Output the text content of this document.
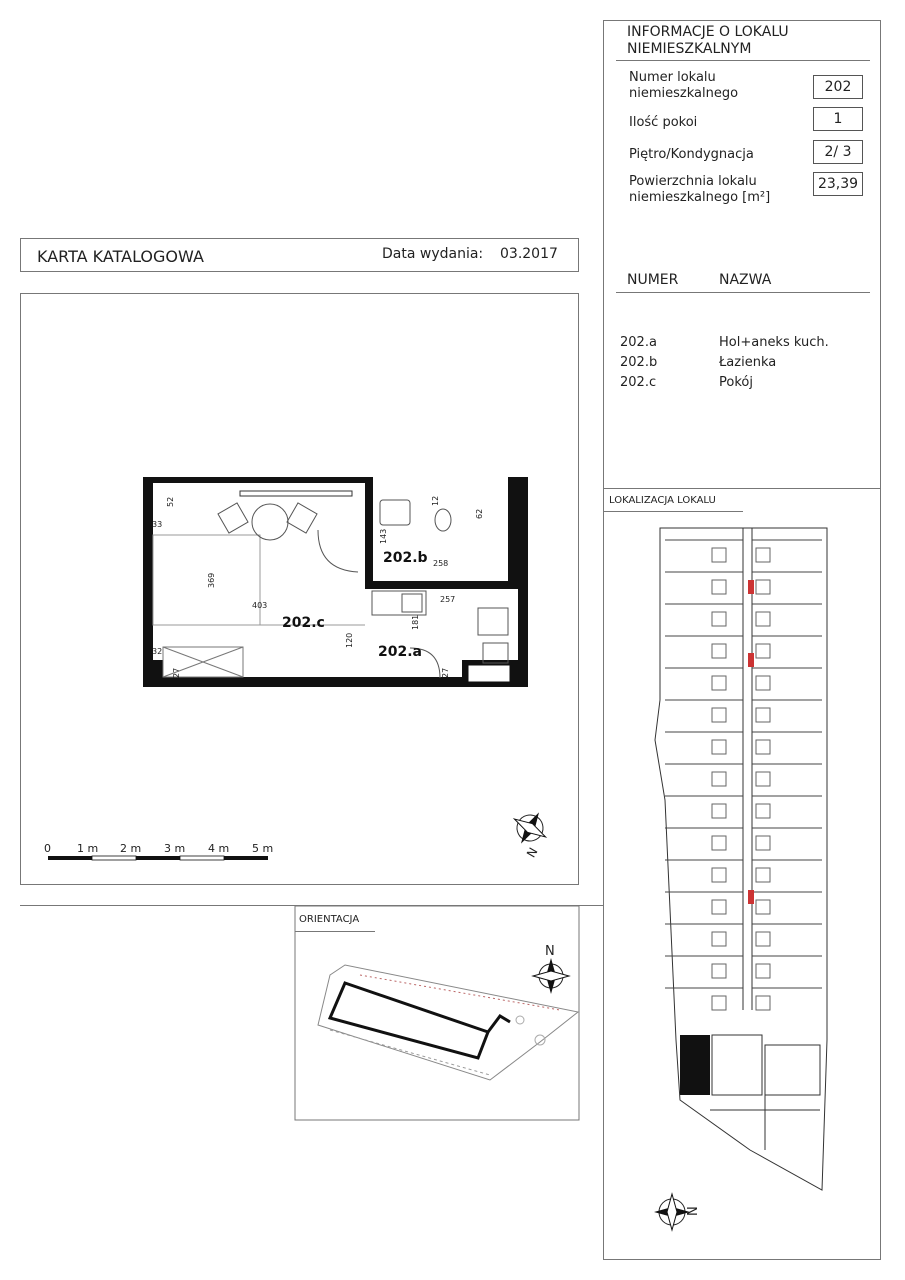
INFORMACJE O LOKALU
NIEMIESZKALNYM
Numer lokalu
niemieszkalnego	202
Ilość pokoi	1
Piętro/Kondygnacja	2/ 3
Powierzchnia lokalu
niemieszkalnego [m²]
23,39
NUMER	NAZWA
202.a	Hol+aneks kuch.
202.b	Łazienka
202.c	Pokój
LOKALIZACJA LOKALU
KARTA KATALOGOWA	Data wydania: 03.2017
202.c
202.b
202.a
52
33
369
403
32
27
143
12
62
258
257
181
120
27
0 1 m 2 m 3 m 4 m 5 m	N
N
N
ORIENTACJA
